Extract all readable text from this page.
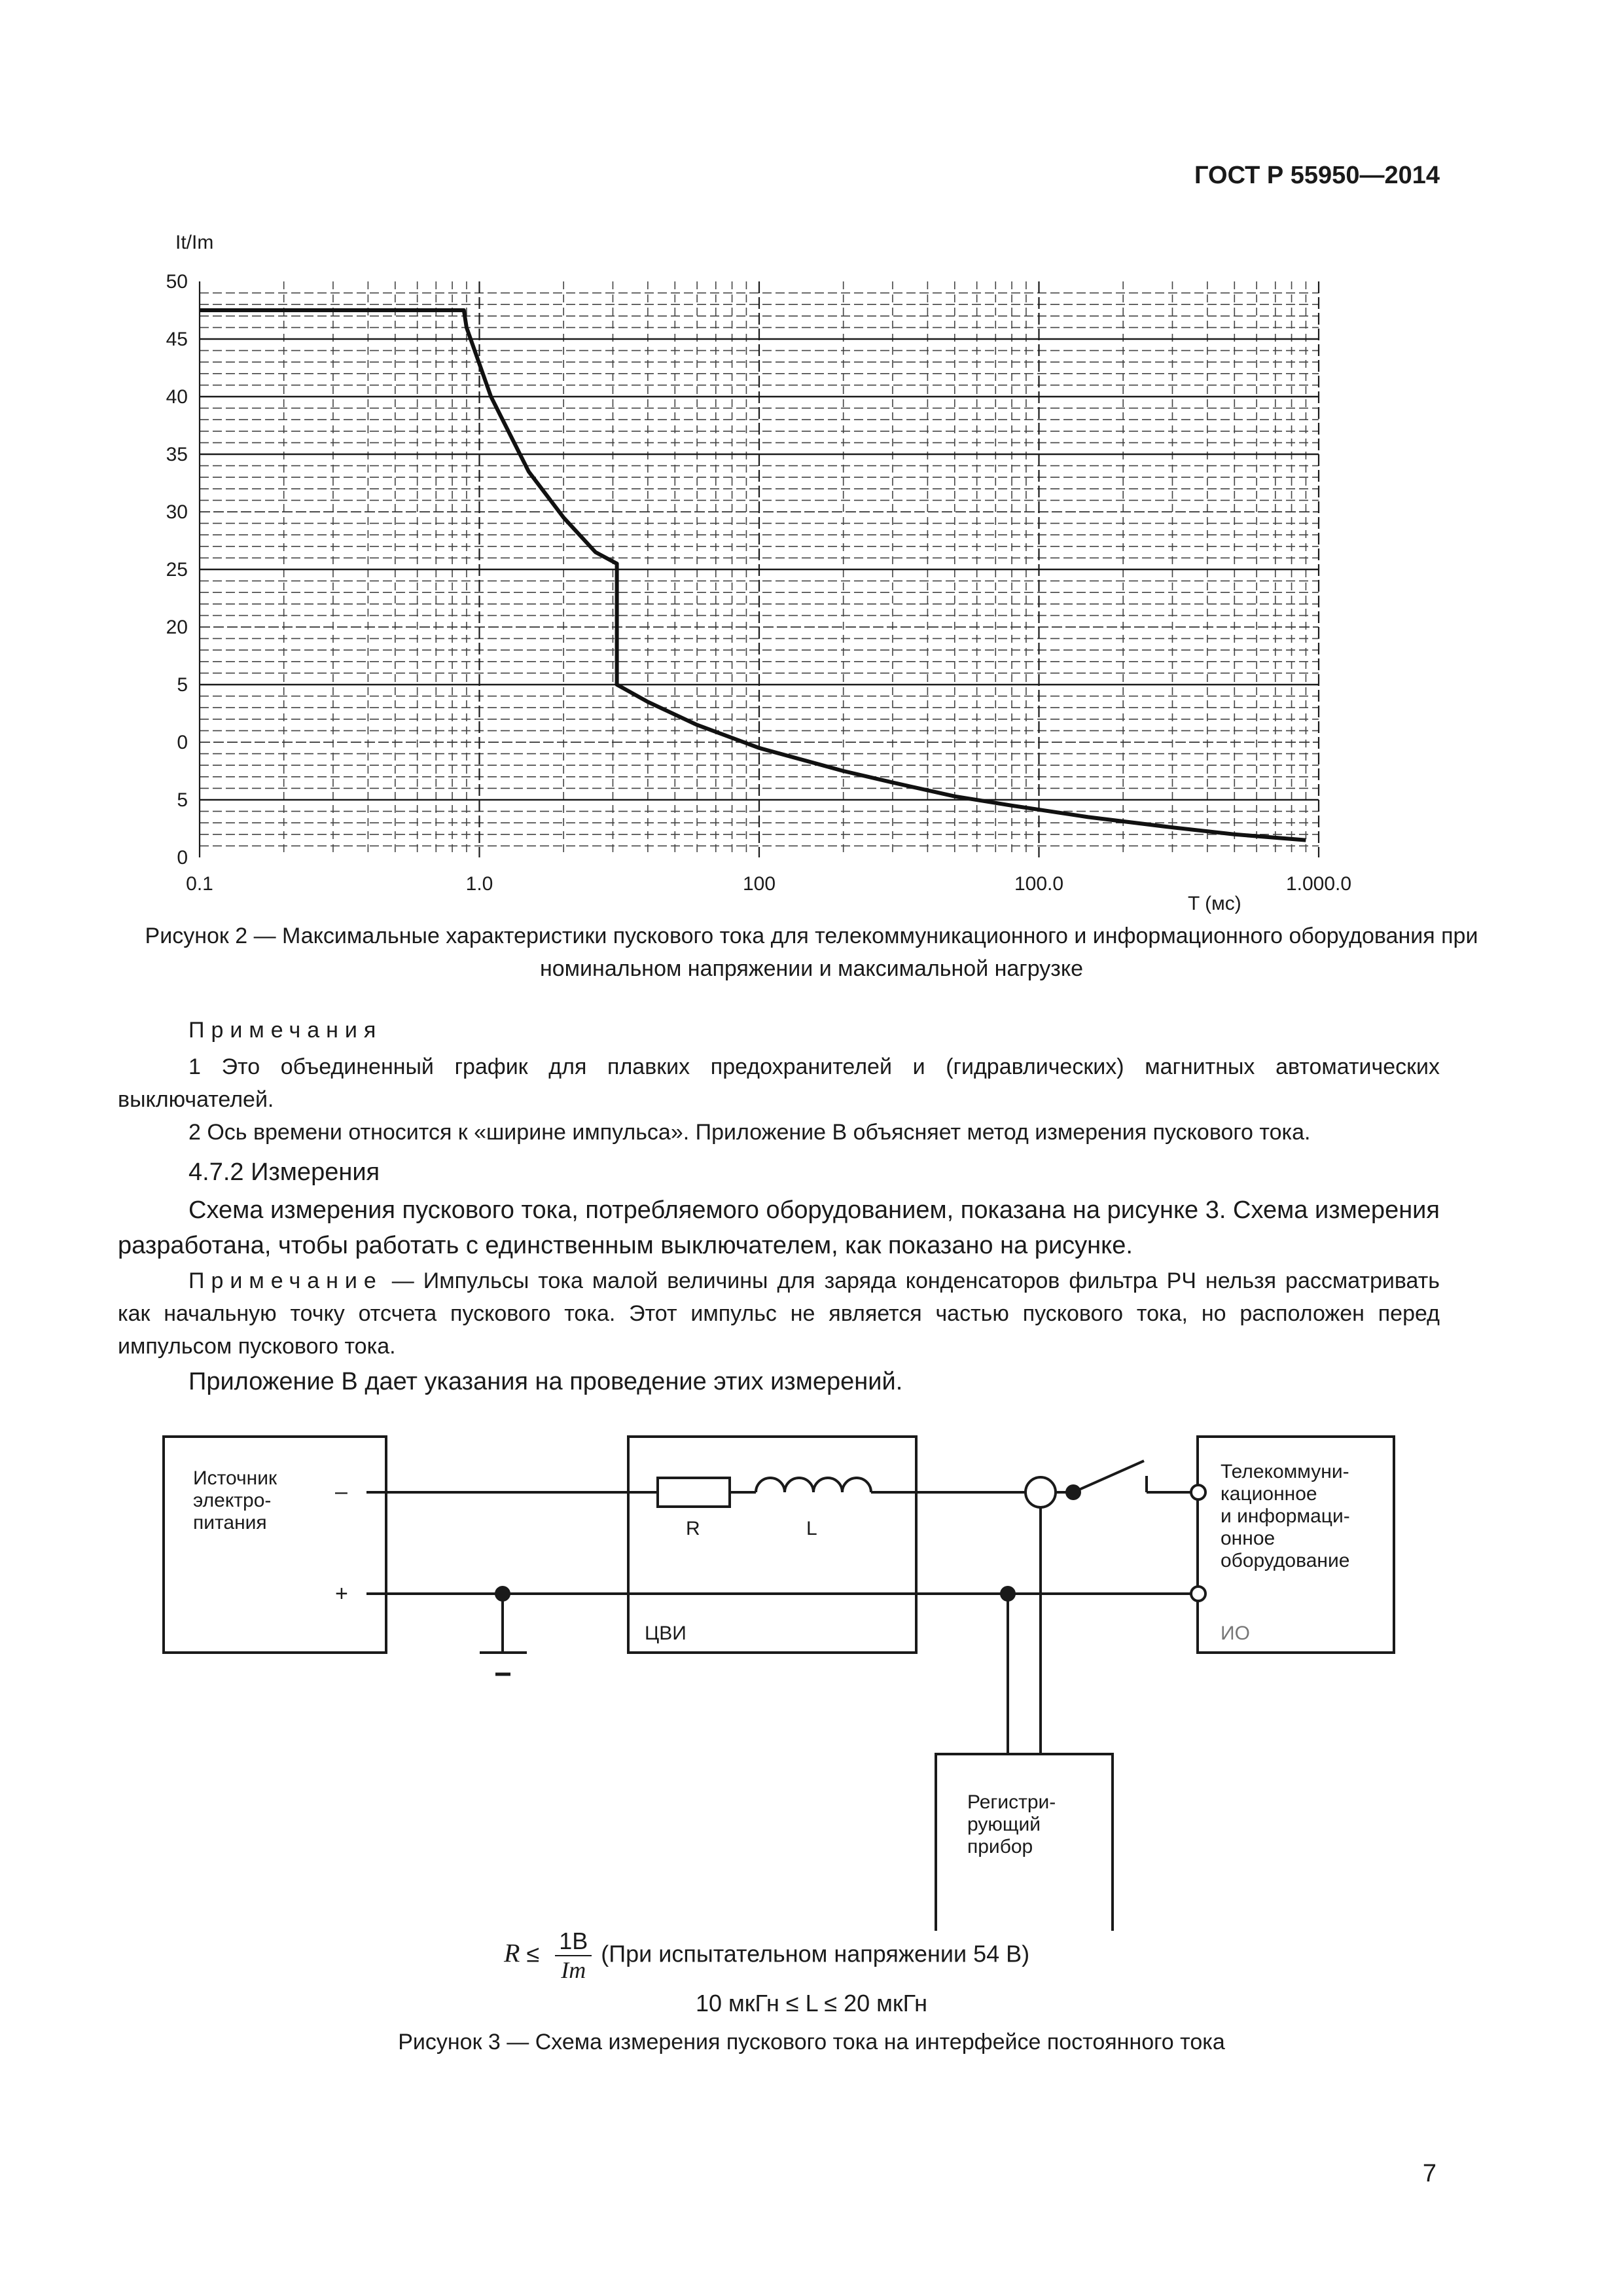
ГОСТ Р 55950—2014
It/Im
50
45
40
35
30
25
20
5
0
5
0
0.1	1.0	100	100.0	1.000.0
T (мс)
Рисунок 2 — Максимальные характеристики пускового тока для телекоммуникационного и информационного оборудования при номинальном напряжении и максимальной нагрузке
Примечания
1 Это объединенный график для плавких предохранителей и (гидравлических) магнитных автоматических выключателей.
2 Ось времени относится к «ширине импульса». Приложение В объясняет метод измерения пускового тока.
4.7.2 Измерения
Схема измерения пускового тока, потребляемого оборудованием, показана на рисунке 3. Схема измерения разработана, чтобы работать с единственным выключателем, как показано на рисунке.
Примечание — Импульсы тока малой величины для заряда конденсаторов фильтра РЧ нельзя рассматривать как начальную точку отсчета пускового тока. Этот импульс не является частью пускового тока, но расположен перед импульсом пускового тока.
Приложение В дает указания на проведение этих измерений.
Источник электро- питания
–
+
R	L
ЦВИ
Телекоммуни- кационное и информаци- онное оборудование
ИО
Регистри- рующий прибор
$R \le \frac{1В}{Im} (При$ испытательном напряжении 54 В)
10 мкГн ≤ L ≤ 20 мкГн
Рисунок 3 — Схема измерения пускового тока на интерфейсе постоянного тока
7
